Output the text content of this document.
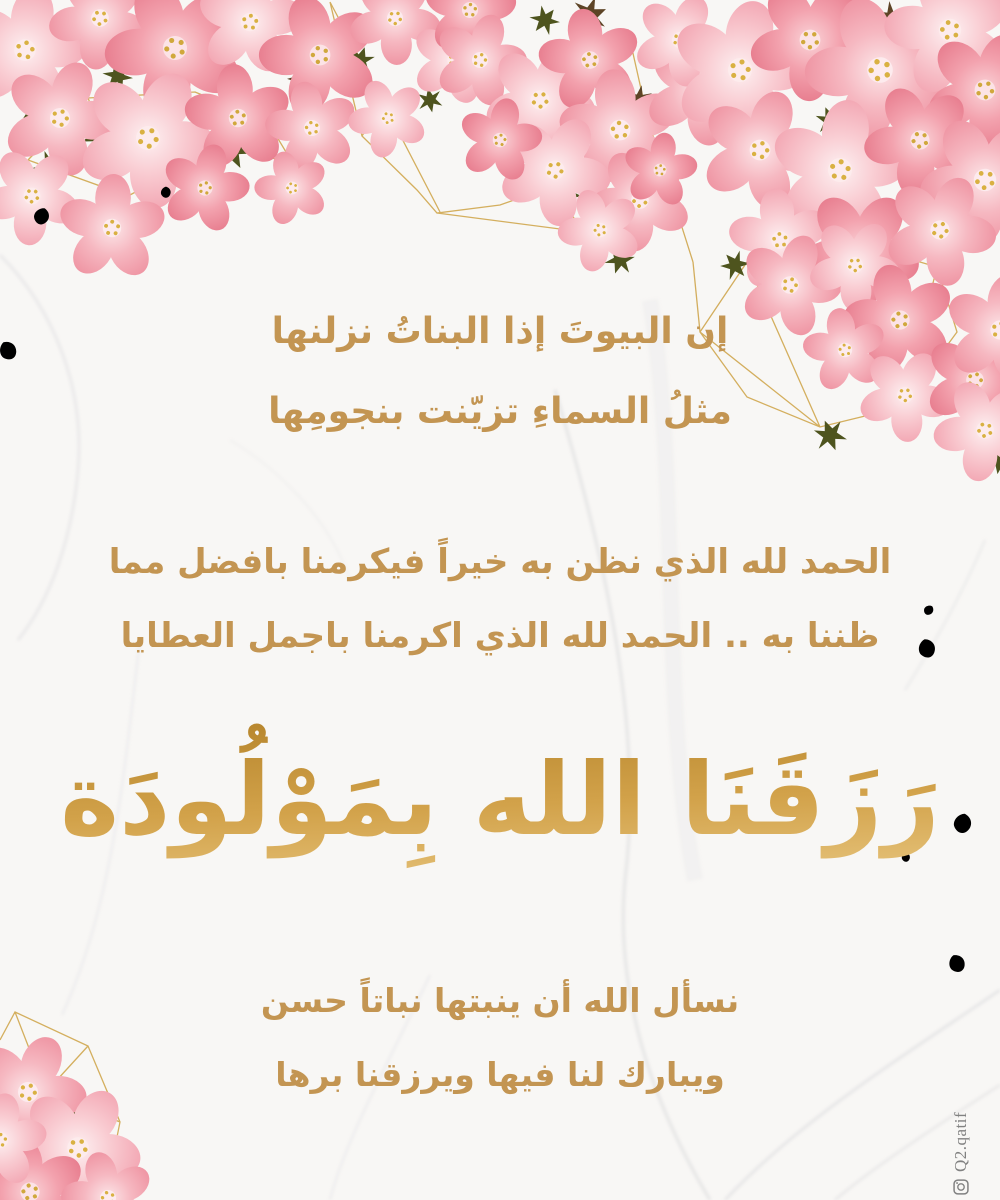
إن البيوتَ إذا البناتُ نزلنها
مثلُ السماءِ تزيّنت بنجومِها
الحمد لله الذي نظن به خيراً فيكرمنا بافضل مما
ظننا به .. الحمد لله الذي اكرمنا باجمل العطايا
رَزَقَنَا الله بِمَوْلُودَة
نسأل الله أن ينبتها نباتاً حسن
ويبارك لنا فيها ويرزقنا برها
Q2.qatif
